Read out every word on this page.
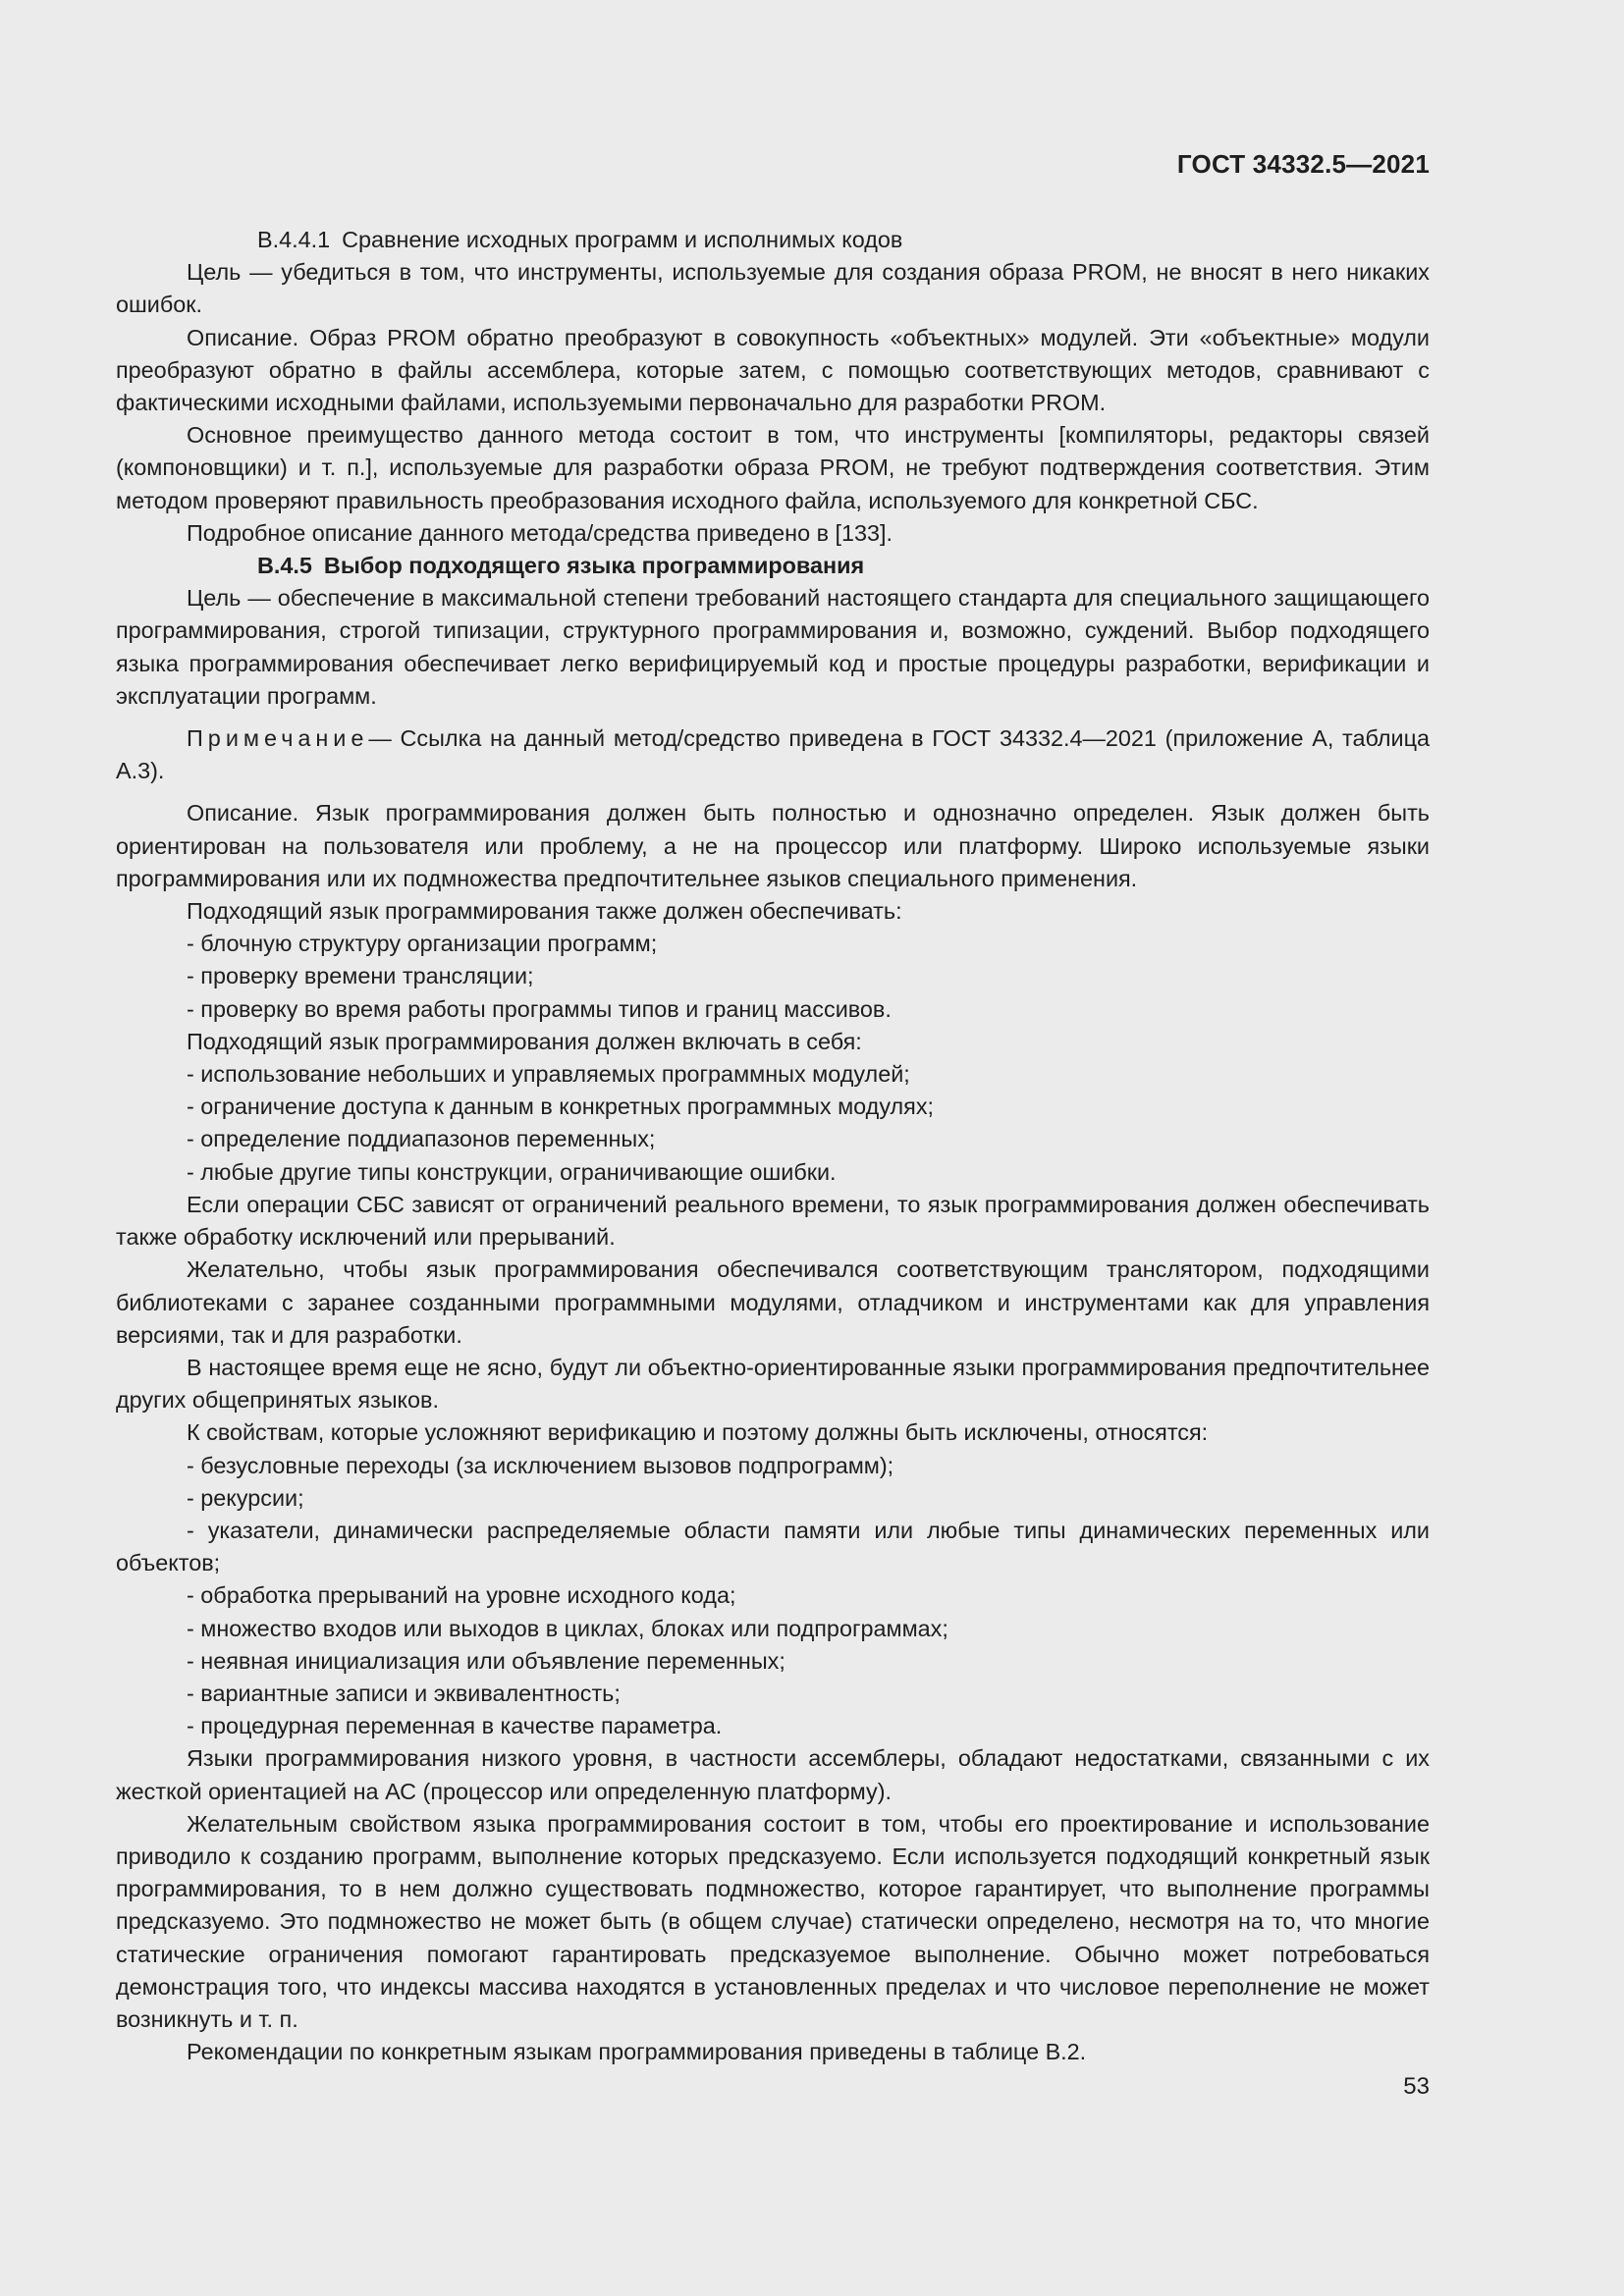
ГОСТ 34332.5—2021

В.4.4.1 Сравнение исходных программ и исполнимых кодов

Цель — убедиться в том, что инструменты, используемые для создания образа PROM, не вносят в него никаких ошибок.

Описание. Образ PROM обратно преобразуют в совокупность «объектных» модулей. Эти «объектные» модули преобразуют обратно в файлы ассемблера, которые затем, с помощью соответствующих методов, сравнивают с фактическими исходными файлами, используемыми первоначально для разработки PROM.

Основное преимущество данного метода состоит в том, что инструменты [компиляторы, редакторы связей (компоновщики) и т. п.], используемые для разработки образа PROM, не требуют подтверждения соответствия. Этим методом проверяют правильность преобразования исходного файла, используемого для конкретной СБС.

Подробное описание данного метода/средства приведено в [133].

В.4.5 Выбор подходящего языка программирования

Цель — обеспечение в максимальной степени требований настоящего стандарта для специального защищающего программирования, строгой типизации, структурного программирования и, возможно, суждений. Выбор подходящего языка программирования обеспечивает легко верифицируемый код и простые процедуры разработки, верификации и эксплуатации программ.

Примечание— Ссылка на данный метод/средство приведена в ГОСТ 34332.4—2021 (приложение А, таблица А.3).

Описание. Язык программирования должен быть полностью и однозначно определен. Язык должен быть ориентирован на пользователя или проблему, а не на процессор или платформу. Широко используемые языки программирования или их подмножества предпочтительнее языков специального применения.

Подходящий язык программирования также должен обеспечивать:

- блочную структуру организации программ;

- проверку времени трансляции;

- проверку во время работы программы типов и границ массивов.

Подходящий язык программирования должен включать в себя:

- использование небольших и управляемых программных модулей;

- ограничение доступа к данным в конкретных программных модулях;

- определение поддиапазонов переменных;

- любые другие типы конструкции, ограничивающие ошибки.

Если операции СБС зависят от ограничений реального времени, то язык программирования должен обеспечивать также обработку исключений или прерываний.

Желательно, чтобы язык программирования обеспечивался соответствующим транслятором, подходящими библиотеками с заранее созданными программными модулями, отладчиком и инструментами как для управления версиями, так и для разработки.

В настоящее время еще не ясно, будут ли объектно-ориентированные языки программирования предпочтительнее других общепринятых языков.

К свойствам, которые усложняют верификацию и поэтому должны быть исключены, относятся:

- безусловные переходы (за исключением вызовов подпрограмм);

- рекурсии;

- указатели, динамически распределяемые области памяти или любые типы динамических переменных или объектов;

- обработка прерываний на уровне исходного кода;

- множество входов или выходов в циклах, блоках или подпрограммах;

- неявная инициализация или объявление переменных;

- вариантные записи и эквивалентность;

- процедурная переменная в качестве параметра.

Языки программирования низкого уровня, в частности ассемблеры, обладают недостатками, связанными с их жесткой ориентацией на АС (процессор или определенную платформу).

Желательным свойством языка программирования состоит в том, чтобы его проектирование и использование приводило к созданию программ, выполнение которых предсказуемо. Если используется подходящий конкретный язык программирования, то в нем должно существовать подмножество, которое гарантирует, что выполнение программы предсказуемо. Это подмножество не может быть (в общем случае) статически определено, несмотря на то, что многие статические ограничения помогают гарантировать предсказуемое выполнение. Обычно может потребоваться демонстрация того, что индексы массива находятся в установленных пределах и что числовое переполнение не может возникнуть и т. п.

Рекомендации по конкретным языкам программирования приведены в таблице В.2.

53
